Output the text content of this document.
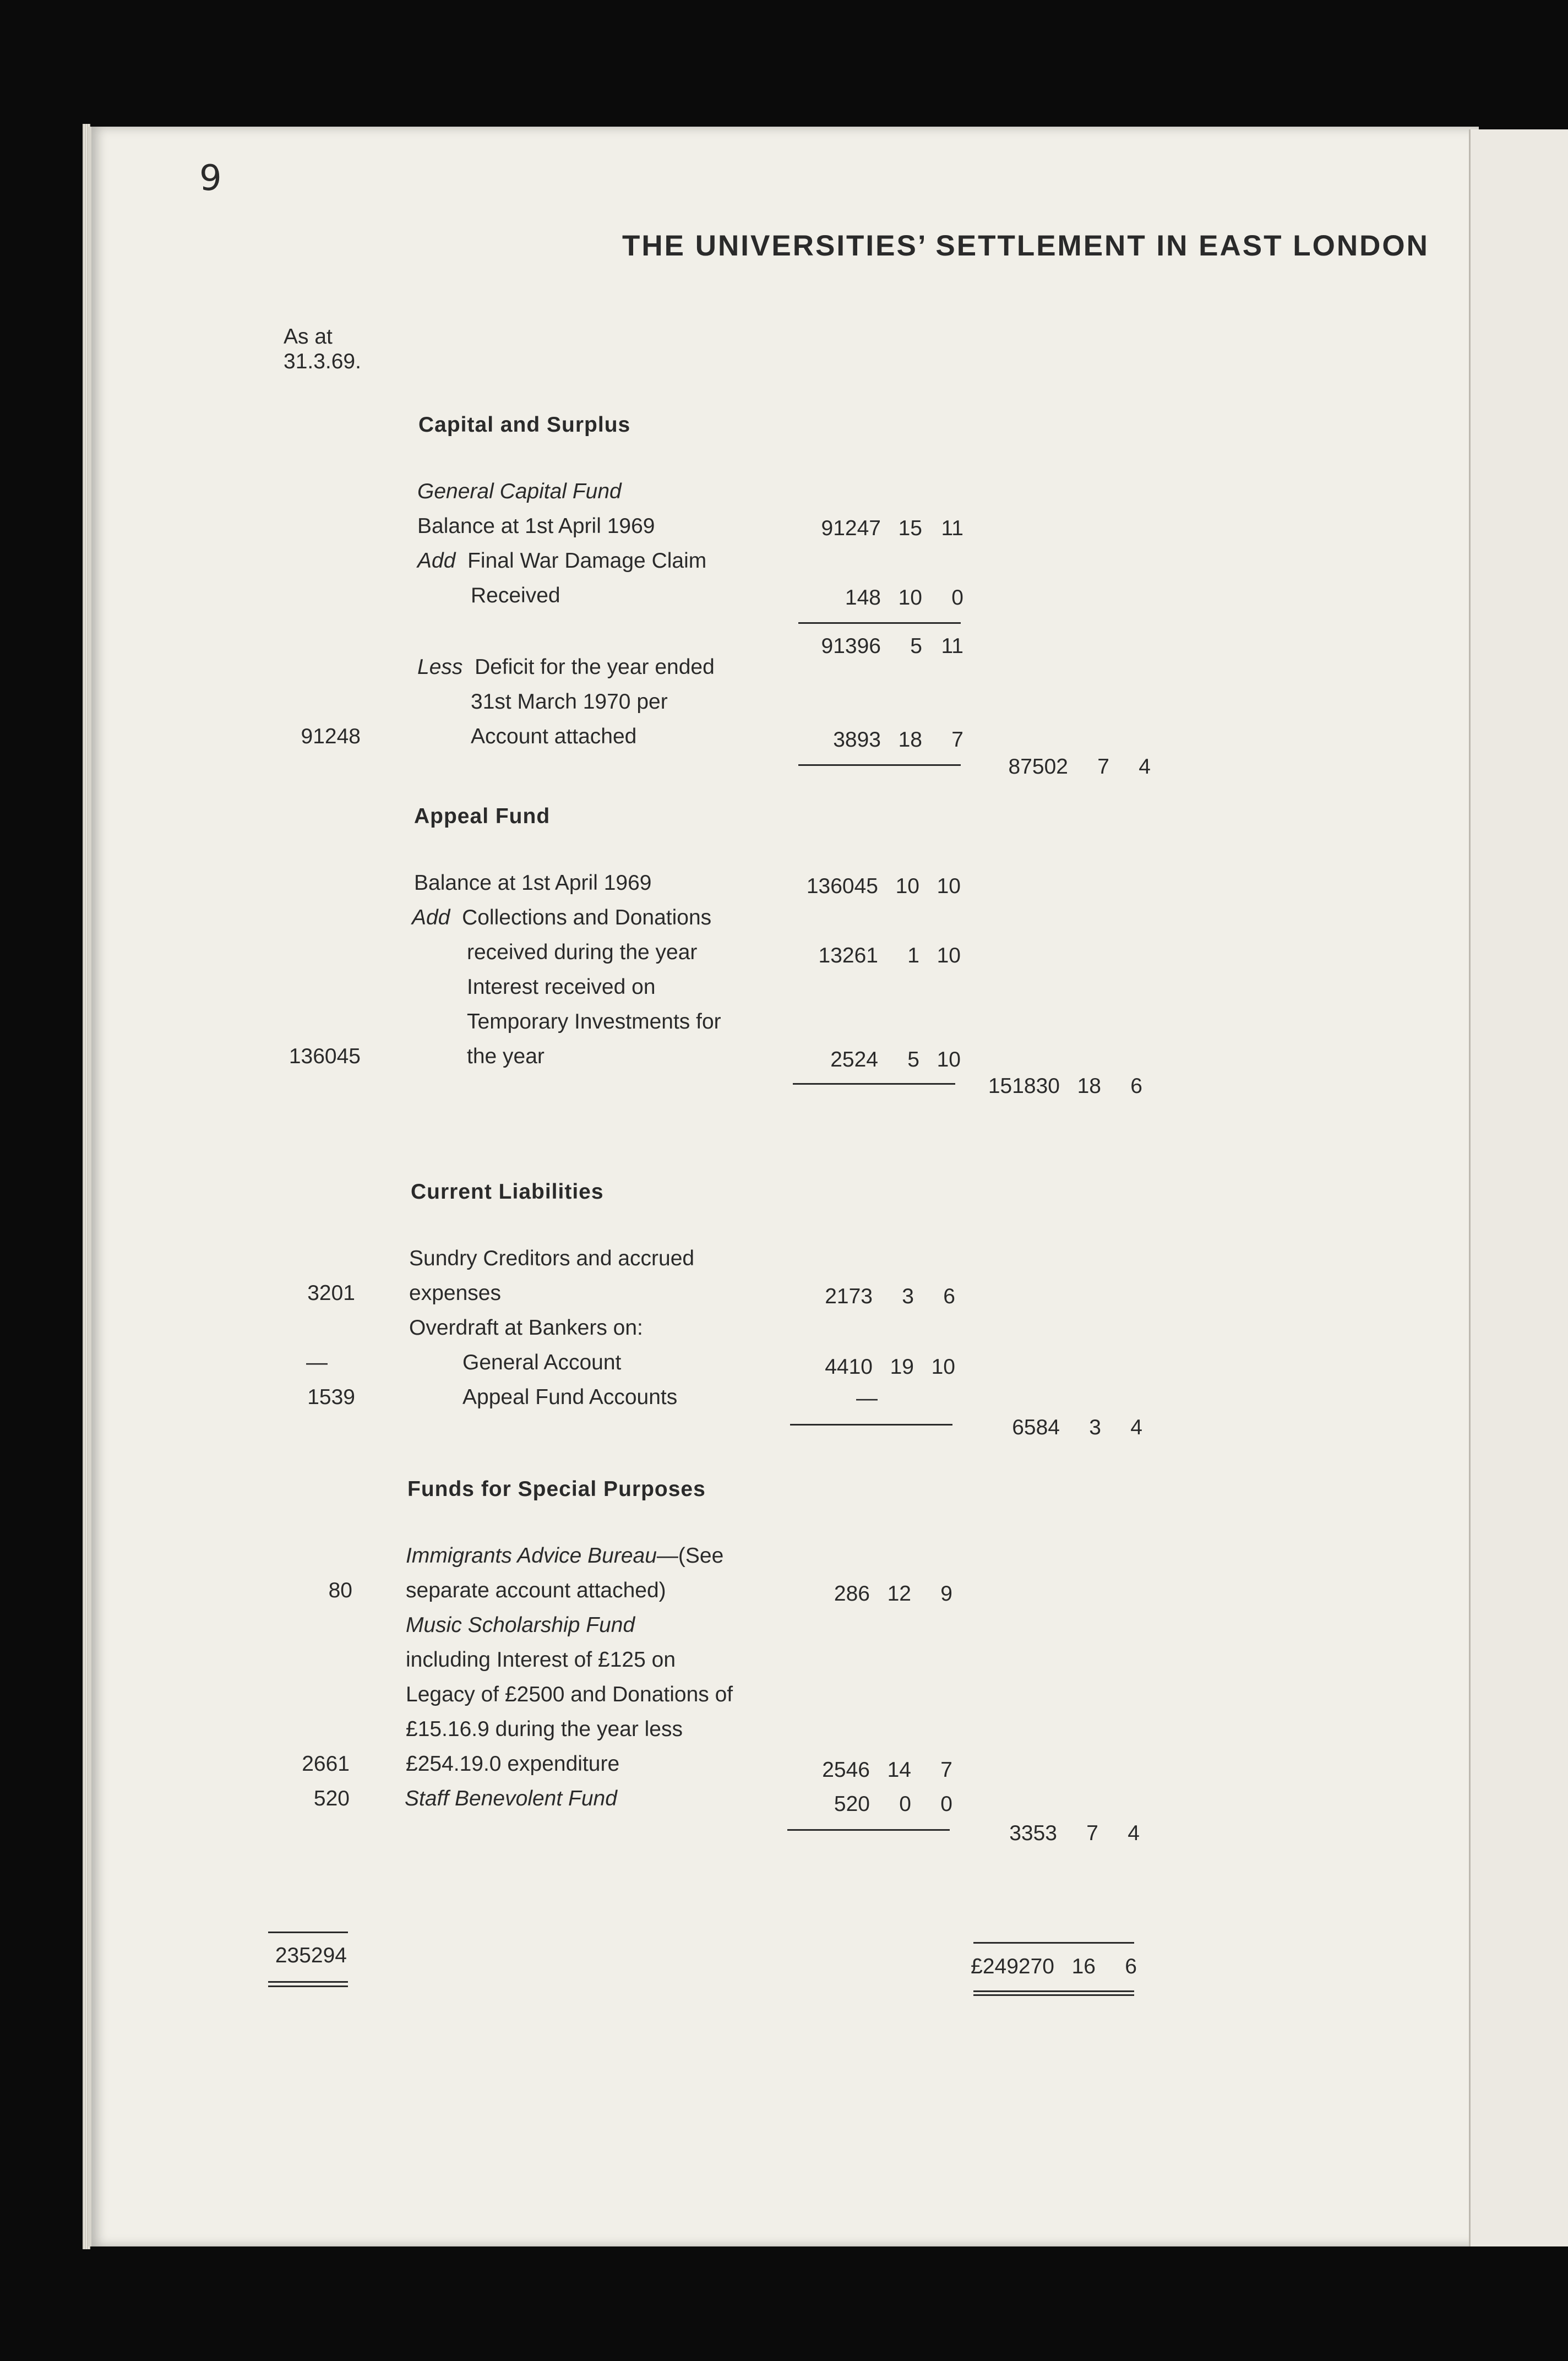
9
THE UNIVERSITIES’ SETTLEMENT IN EAST LONDON
As at
31.3.69.
Capital and Surplus
General Capital Fund
Balance at 1st April 1969
Add Final War Damage Claim
Received
Less Deficit for the year ended
31st March 1970 per
Account attached
91248
91247 15 11
148 10 0
91396 5 11
3893 18 7
87502 7 4
Appeal Fund
Balance at 1st April 1969
Add Collections and Donations
received during the year
Interest received on
Temporary Investments for
the year
136045
136045 10 10
13261 1 10
2524 5 10
151830 18 6
Current Liabilities
Sundry Creditors and accrued
expenses
3201
Overdraft at Bankers on:
General Account
—
Appeal Fund Accounts
1539
2173 3 6
4410 19 10
—
6584 3 4
Funds for Special Purposes
Immigrants Advice Bureau—(See
separate account attached)
80
Music Scholarship Fund
including Interest of £125 on
Legacy of £2500 and Donations of
£15.16.9 during the year less
£254.19.0 expenditure
2661
Staff Benevolent Fund
520
286 12 9
2546 14 7
520 0 0
3353 7 4
235294	£249270 16 6
